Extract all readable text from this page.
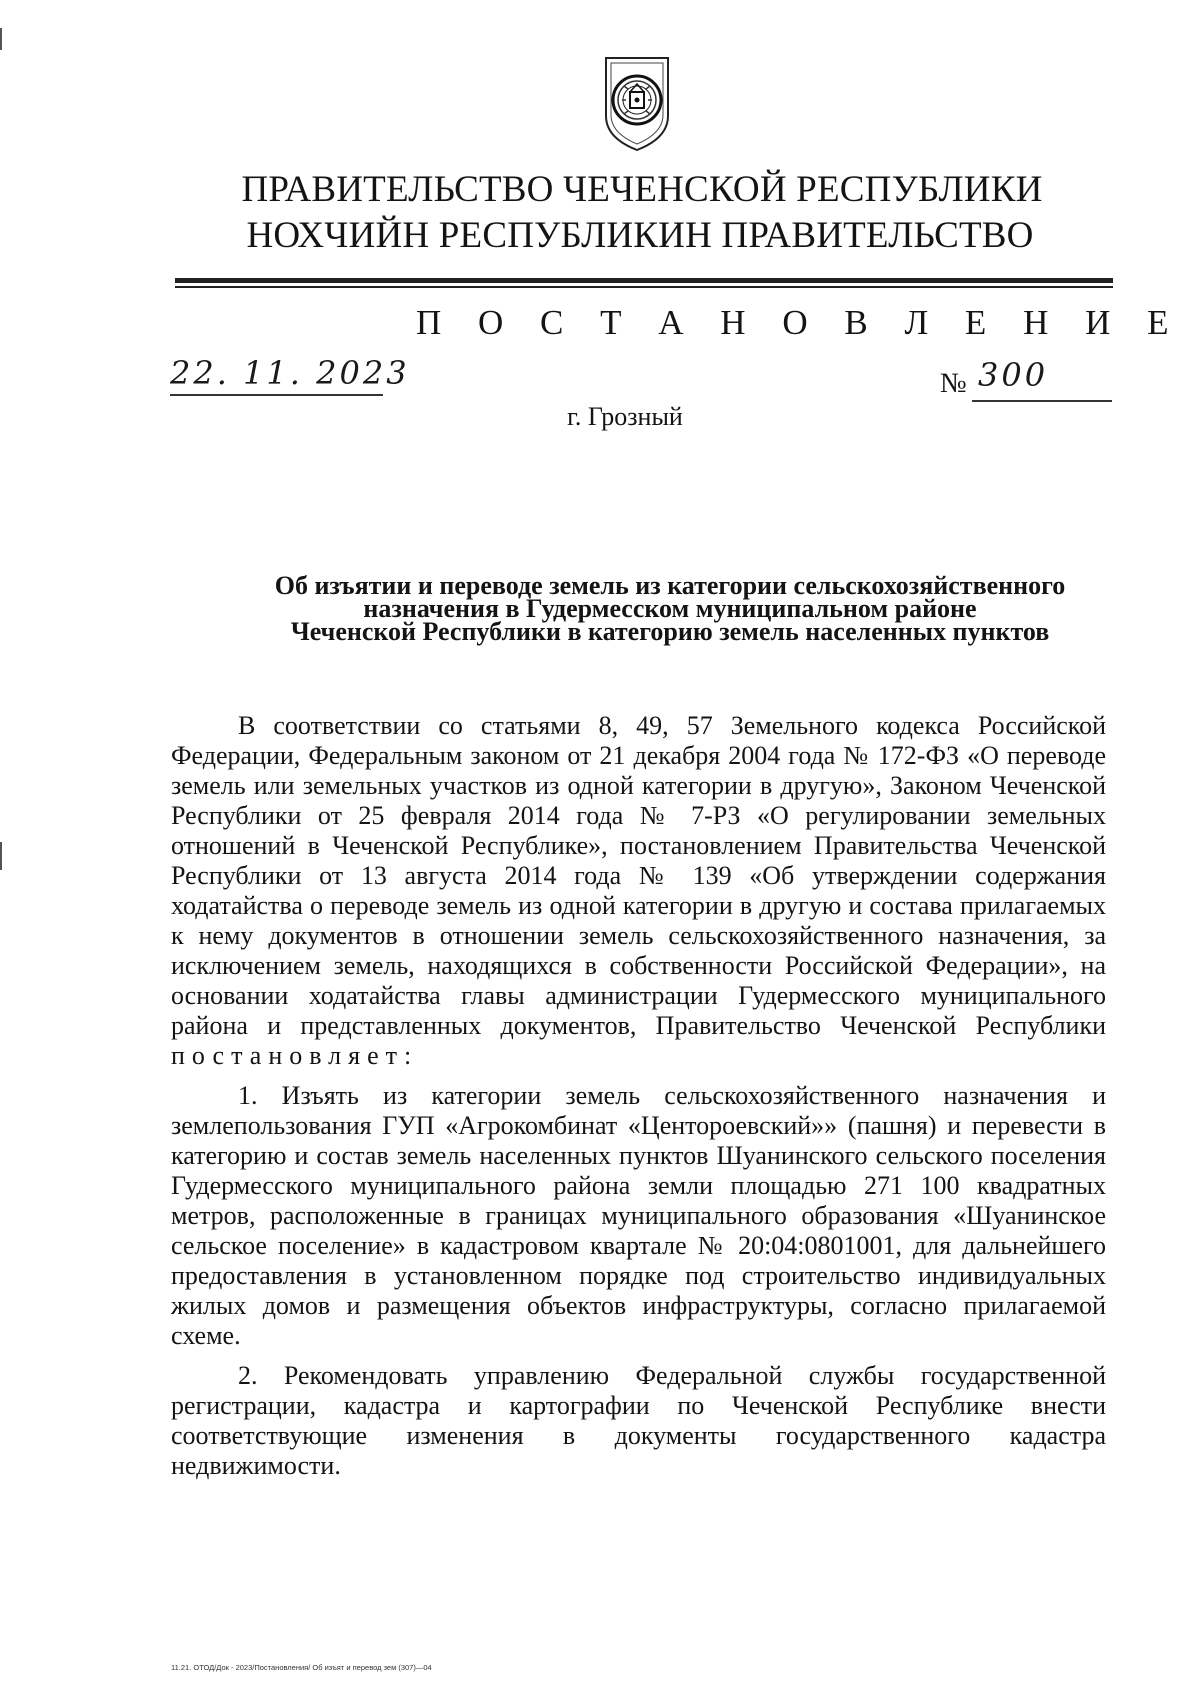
ПРАВИТЕЛЬСТВО ЧЕЧЕНСКОЙ РЕСПУБЛИКИ
НОХЧИЙН РЕСПУБЛИКИН ПРАВИТЕЛЬСТВО
П О С Т А Н О В Л Е Н И Е
22. 11. 2023	№ 300
г. Грозный
Об изъятии и переводе земель из категории сельскохозяйственного
назначения в Гудермесском муниципальном районе
Чеченской Республики в категорию земель населенных пунктов

В соответствии со статьями 8, 49, 57 Земельного кодекса Российской Федерации, Федеральным законом от 21 декабря 2004 года № 172-ФЗ «О переводе земель или земельных участков из одной категории в другую», Законом Чеченской Республики от 25 февраля 2014 года № 7-РЗ «О регулировании земельных отношений в Чеченской Республике», постановлением Правительства Чеченской Республики от 13 августа 2014 года № 139 «Об утверждении содержания ходатайства о переводе земель из одной категории в другую и состава прилагаемых к нему документов в отношении земель сельскохозяйственного назначения, за исключением земель, находящихся в собственности Российской Федерации», на основании ходатайства главы администрации Гудермесского муниципального района и представленных документов, Правительство Чеченской Республики постановляет:

1. Изъять из категории земель сельскохозяйственного назначения и землепользования ГУП «Агрокомбинат «Центороевский»» (пашня) и перевести в категорию и состав земель населенных пунктов Шуанинского сельского поселения Гудермесского муниципального района земли площадью 271 100 квадратных метров, расположенные в границах муниципального образования «Шуанинское сельское поселение» в кадастровом квартале № 20:04:0801001, для дальнейшего предоставления в установленном порядке под строительство индивидуальных жилых домов и размещения объектов инфраструктуры, согласно прилагаемой схеме.

2. Рекомендовать управлению Федеральной службы государственной регистрации, кадастра и картографии по Чеченской Республике внести соответствующие изменения в документы государственного кадастра недвижимости.

11.21. ОТОД/Док - 2023/Постановления/ Об изъят и перевод зем (307)—04
